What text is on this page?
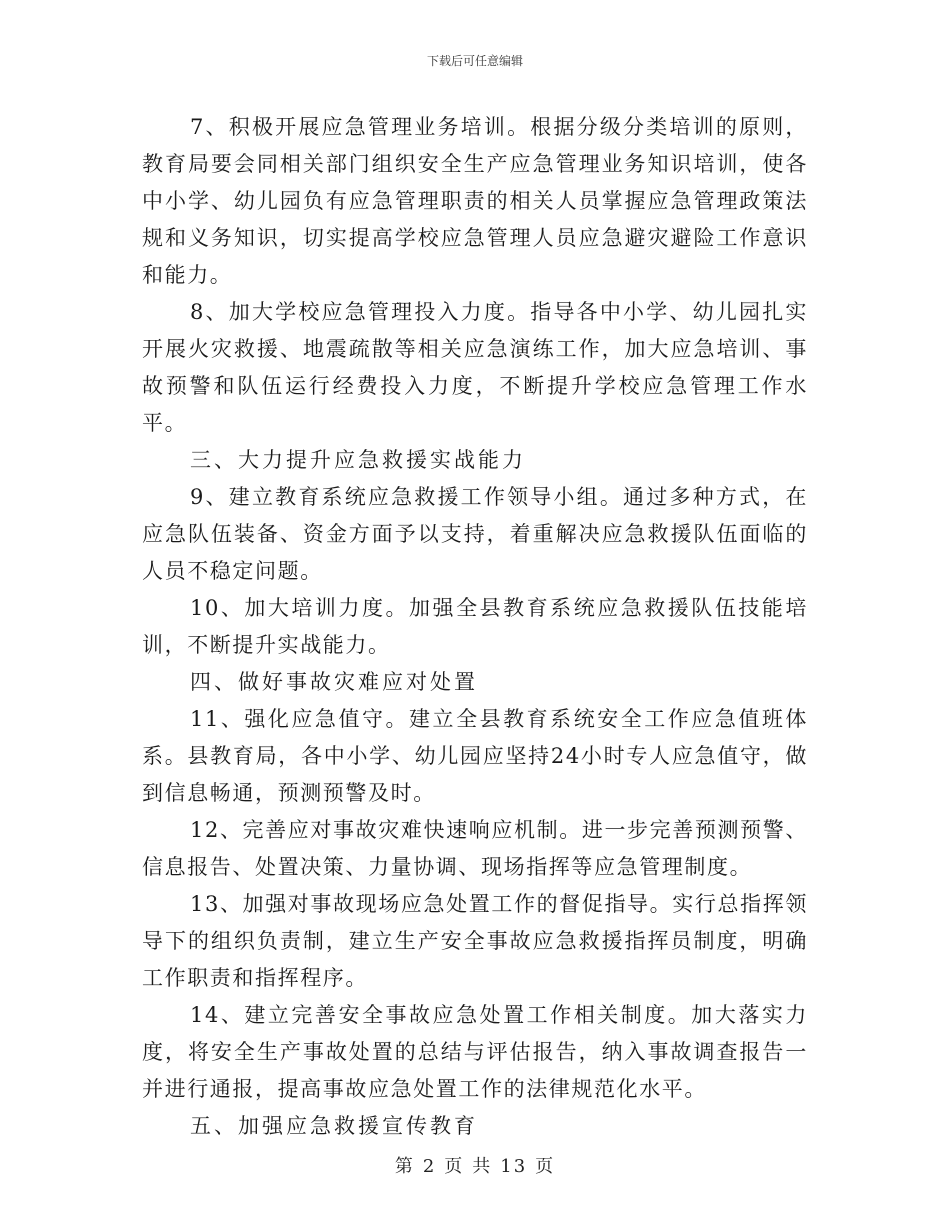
下载后可任意编辑

7、积极开展应急管理业务培训。根据分级分类培训的原则，教育局要会同相关部门组织安全生产应急管理业务知识培训，使各中小学、幼儿园负有应急管理职责的相关人员掌握应急管理政策法规和义务知识，切实提高学校应急管理人员应急避灾避险工作意识和能力。

8、加大学校应急管理投入力度。指导各中小学、幼儿园扎实开展火灾救援、地震疏散等相关应急演练工作，加大应急培训、事故预警和队伍运行经费投入力度，不断提升学校应急管理工作水平。

三、大力提升应急救援实战能力

9、建立教育系统应急救援工作领导小组。通过多种方式，在应急队伍装备、资金方面予以支持，着重解决应急救援队伍面临的人员不稳定问题。

10、加大培训力度。加强全县教育系统应急救援队伍技能培训，不断提升实战能力。

四、做好事故灾难应对处置

11、强化应急值守。建立全县教育系统安全工作应急值班体系。县教育局，各中小学、幼儿园应坚持24小时专人应急值守，做到信息畅通，预测预警及时。

12、完善应对事故灾难快速响应机制。进一步完善预测预警、信息报告、处置决策、力量协调、现场指挥等应急管理制度。

13、加强对事故现场应急处置工作的督促指导。实行总指挥领导下的组织负责制，建立生产安全事故应急救援指挥员制度，明确工作职责和指挥程序。

14、建立完善安全事故应急处置工作相关制度。加大落实力度，将安全生产事故处置的总结与评估报告，纳入事故调查报告一并进行通报，提高事故应急处置工作的法律规范化水平。

五、加强应急救援宣传教育

第 2 页 共 13 页
